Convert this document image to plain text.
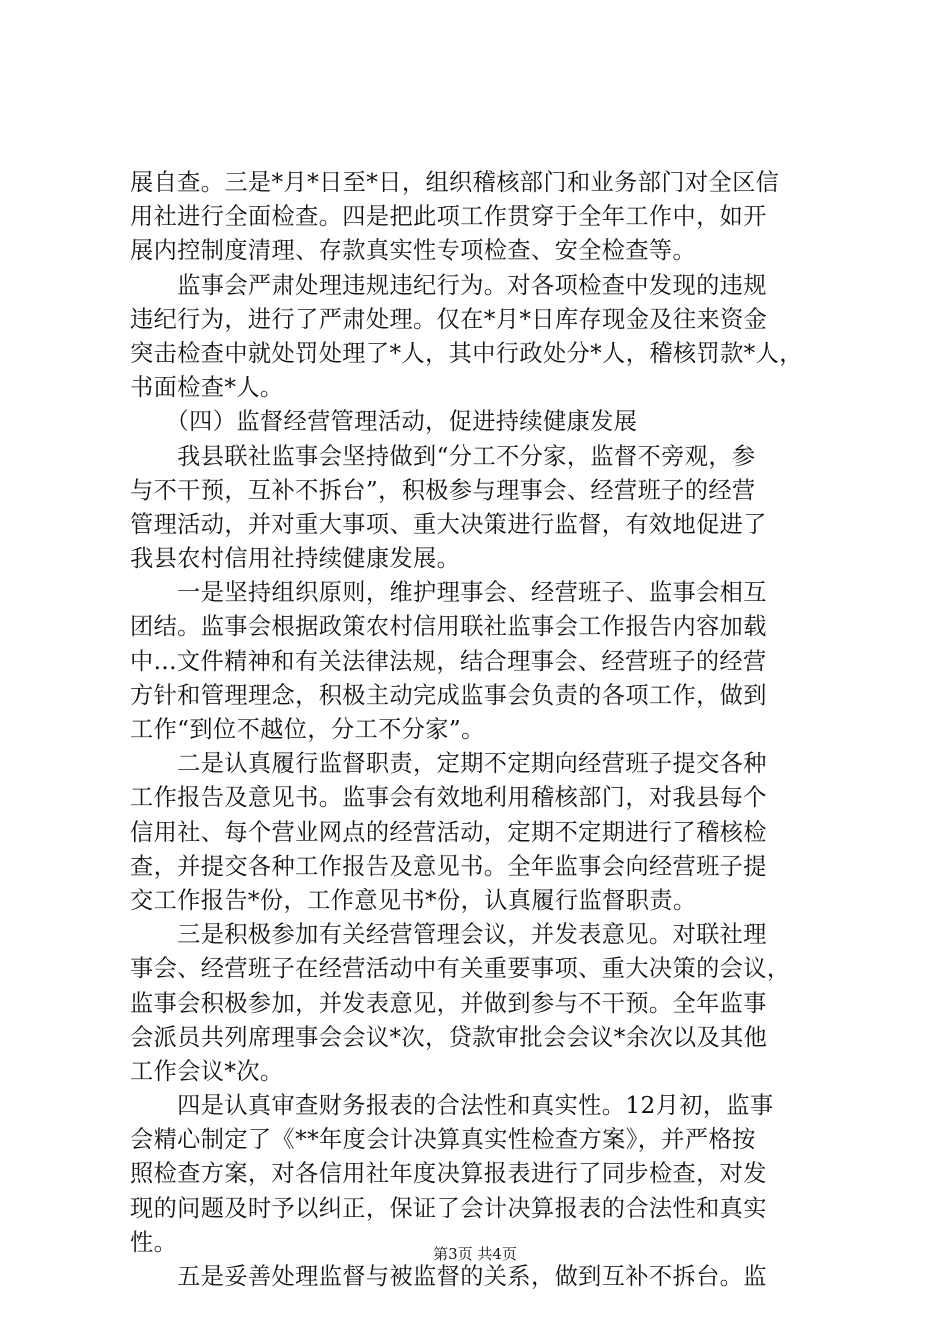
展自查。三是*月*日至*日，组织稽核部门和业务部门对全区信
用社进行全面检查。四是把此项工作贯穿于全年工作中，如开
展内控制度清理、存款真实性专项检查、安全检查等。
　　监事会严肃处理违规违纪行为。对各项检查中发现的违规
违纪行为，进行了严肃处理。仅在*月*日库存现金及往来资金
突击检查中就处罚处理了*人，其中行政处分*人，稽核罚款*人，
书面检查*人。
　　（四）监督经营管理活动，促进持续健康发展
　　我县联社监事会坚持做到“分工不分家，监督不旁观，参
与不干预，互补不拆台”，积极参与理事会、经营班子的经营
管理活动，并对重大事项、重大决策进行监督，有效地促进了
我县农村信用社持续健康发展。
　　一是坚持组织原则，维护理事会、经营班子、监事会相互
团结。监事会根据政策农村信用联社监事会工作报告内容加载
中...文件精神和有关法律法规，结合理事会、经营班子的经营
方针和管理理念，积极主动完成监事会负责的各项工作，做到
工作“到位不越位，分工不分家”。
　　二是认真履行监督职责，定期不定期向经营班子提交各种
工作报告及意见书。监事会有效地利用稽核部门，对我县每个
信用社、每个营业网点的经营活动，定期不定期进行了稽核检
查，并提交各种工作报告及意见书。全年监事会向经营班子提
交工作报告*份，工作意见书*份，认真履行监督职责。
　　三是积极参加有关经营管理会议，并发表意见。对联社理
事会、经营班子在经营活动中有关重要事项、重大决策的会议，
监事会积极参加，并发表意见，并做到参与不干预。全年监事
会派员共列席理事会会议*次，贷款审批会会议*余次以及其他
工作会议*次。
　　四是认真审查财务报表的合法性和真实性。12月初，监事
会精心制定了《**年度会计决算真实性检查方案》，并严格按
照检查方案，对各信用社年度决算报表进行了同步检查，对发
现的问题及时予以纠正，保证了会计决算报表的合法性和真实
性。
　　五是妥善处理监督与被监督的关系，做到互补不拆台。监
第3页 共4页
